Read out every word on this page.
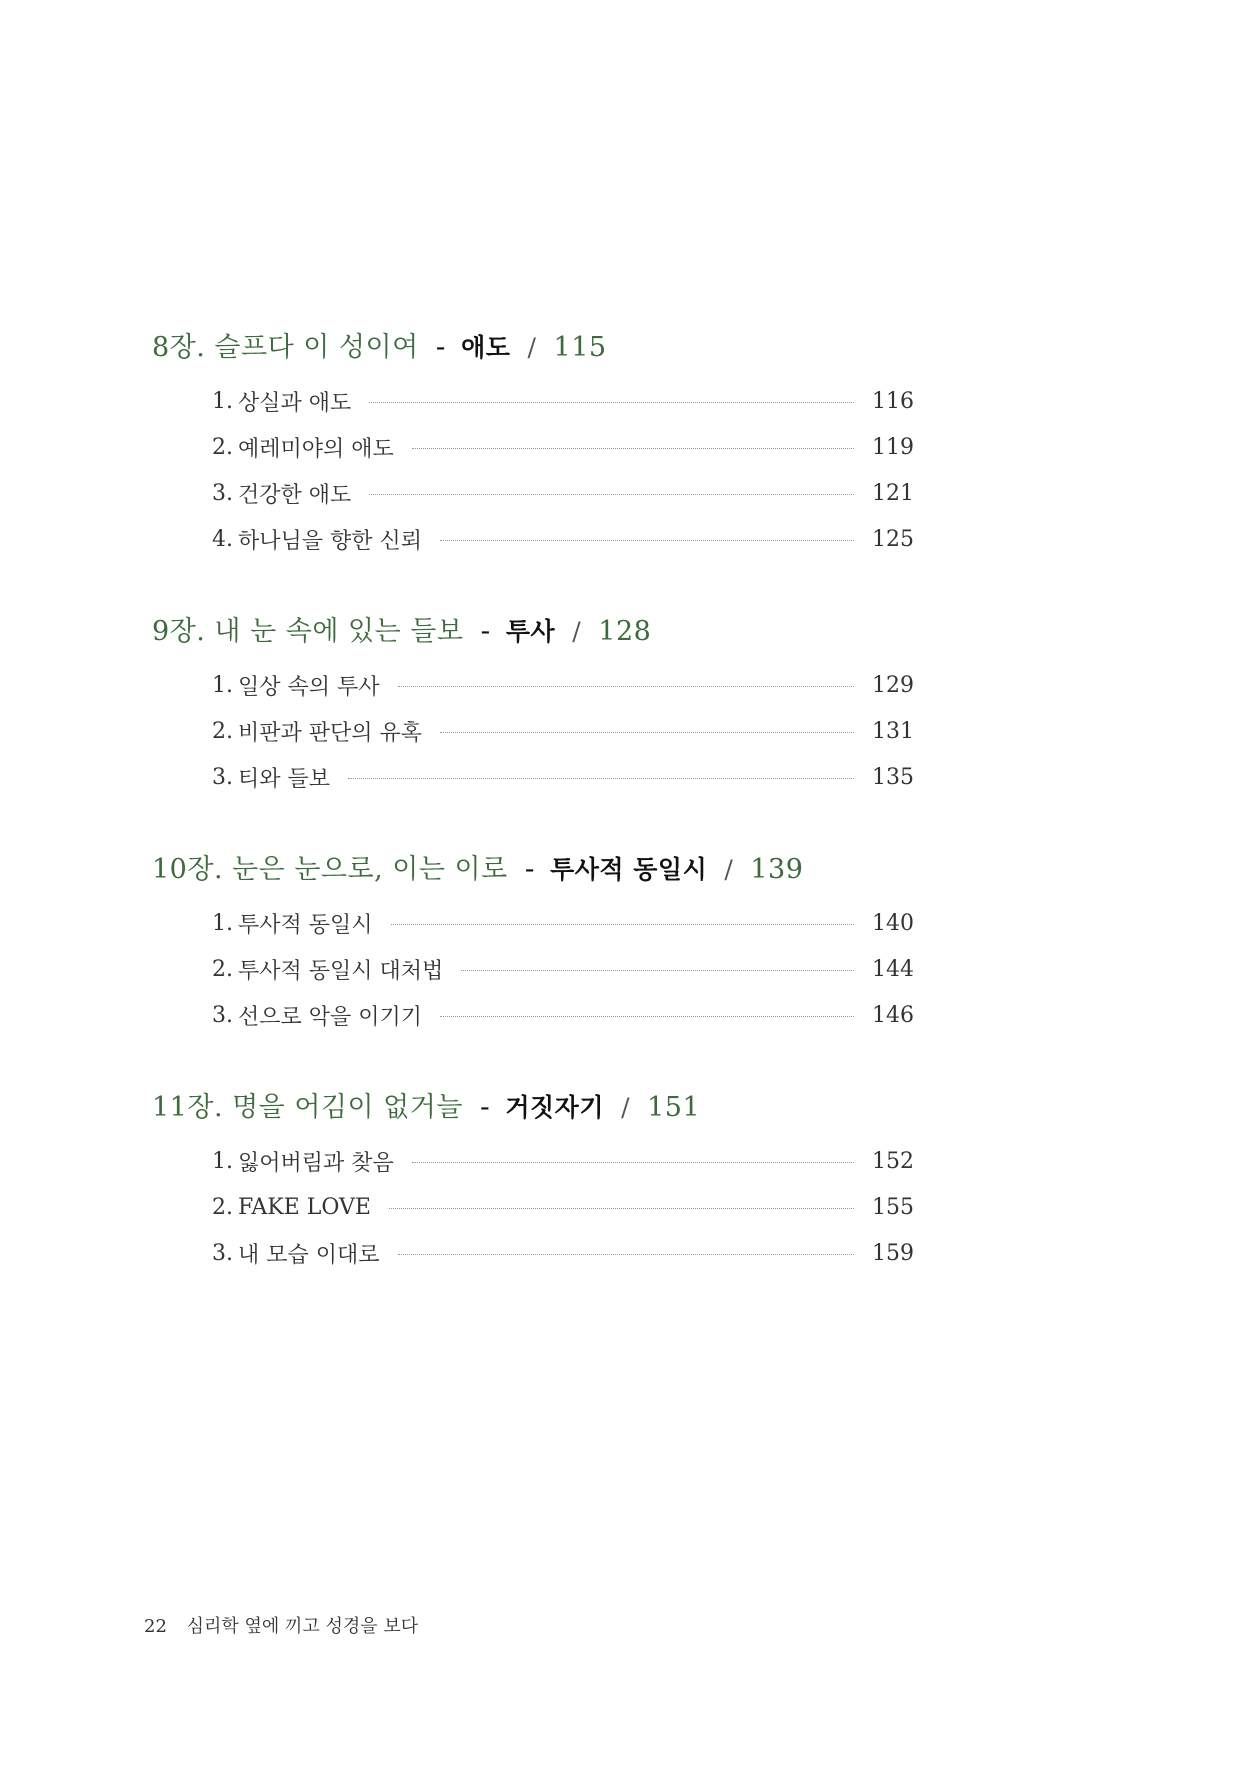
8장. 슬프다 이 성이여 - 애도 / 115
1. 상실과 애도	116
2. 예레미야의 애도	119
3. 건강한 애도	121
4. 하나님을 향한 신뢰	125
9장. 내 눈 속에 있는 들보 - 투사 / 128
1. 일상 속의 투사	129
2. 비판과 판단의 유혹	131
3. 티와 들보	135
10장. 눈은 눈으로, 이는 이로 - 투사적 동일시 / 139
1. 투사적 동일시	140
2. 투사적 동일시 대처법	144
3. 선으로 악을 이기기	146
11장. 명을 어김이 없거늘 - 거짓자기 / 151
1. 잃어버림과 찾음	152
2. FAKE LOVE	155
3. 내 모습 이대로	159
22 심리학 옆에 끼고 성경을 보다
